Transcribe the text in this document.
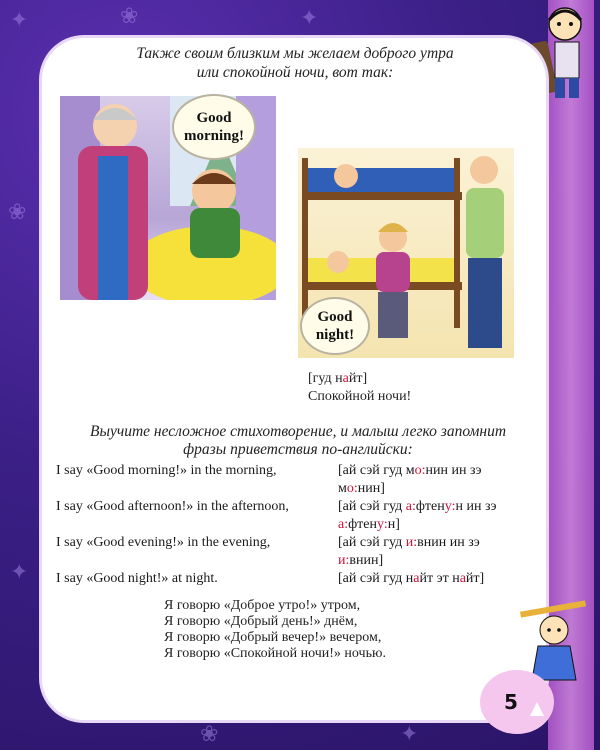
✦	❀	✦
❀
✦
❀	✦
Также своим близким мы желаем доброго утра
или спокойной ночи, вот так:
Good
morning!
Good
night!
[гуд найт]
Спокойной ночи!
Выучите несложное стихотворение, и малыш легко запомнит
фразы приветствия по-английски:
I say «Good morning!» in the morning,	[ай сэй гуд мо:нин ин зэ
мо:нин]
I say «Good afternoon!» in the afternoon,	[ай сэй гуд а:фтену:н ин зэ
а:фтену:н]
I say «Good evening!» in the evening,	[ай сэй гуд и:внин ин зэ
и:внин]
I say «Good night!» at night.	[ай сэй гуд найт эт найт]
Я говорю «Доброе утро!» утром,
Я говорю «Добрый день!» днём,
Я говорю «Добрый вечер!» вечером,
Я говорю «Спокойной ночи!» ночью.
5
